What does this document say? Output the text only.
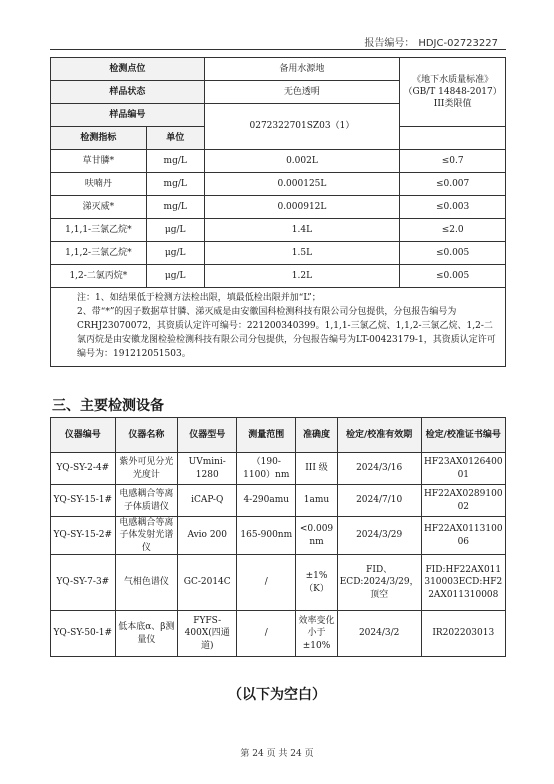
报告编号： HDJC-02723227
检测点位		备用水源地	《地下水质量标准》（GB/T 14848-2017）III类限值
样品状态		无色透明	
样品编号		0272322701SZ03（1）	
检测指标	单位		
草甘膦*	mg/L	0.002L	≤0.7
呋喃丹	mg/L	0.000125L	≤0.007
涕灭威*	mg/L	0.000912L	≤0.003
1,1,1-三氯乙烷*	μg/L	1.4L	≤2.0
1,1,2-三氯乙烷*	μg/L	1.5L	≤0.005
1,2-二氯丙烷*	μg/L	1.2L	≤0.005

注：1、如结果低于检测方法检出限，填最低检出限并加“L”；
2、带“*”的因子数据草甘膦、涕灭威是由安徽国科检测科技有限公司分包提供，分包报告编号为CRHJ23070072，其资质认定许可编号：221200340399。1,1,1-三氯乙烷、1,1,2-三氯乙烷、1,2-二氯丙烷是由安徽龙图检验检测科技有限公司分包提供，分包报告编号为LT-00423179-1，其资质认定许可编号为：191212051503。			
三、主要检测设备
仪器编号	仪器名称	仪器型号	测量范围	准确度	检定/校准有效期	检定/校准证书编号
YQ-SY-2-4#	紫外可见分光光度计	UVmini-1280	（190-1100）nm	III 级	2024/3/16	HF23AX012640001
YQ-SY-15-1#	电感耦合等离子体质谱仪	iCAP-Q	4-290amu	1amu	2024/7/10	HF22AX028910002
YQ-SY-15-2#	电感耦合等离子体发射光谱仪	Avio 200	165-900nm	<0.009 nm	2024/3/29	HF22AX011310006
YQ-SY-7-3#	气相色谱仪	GC-2014C	/	±1%（K）	FID、ECD:2024/3/29，顶空	FID:HF22AX011310003ECD:HF22AX011310008
YQ-SY-50-1#	低本底α、β测量仪	FYFS-400X(四通道)	/	效率变化小于±10%	2024/3/2	IR202203013
（以下为空白）
第 24 页 共 24 页
